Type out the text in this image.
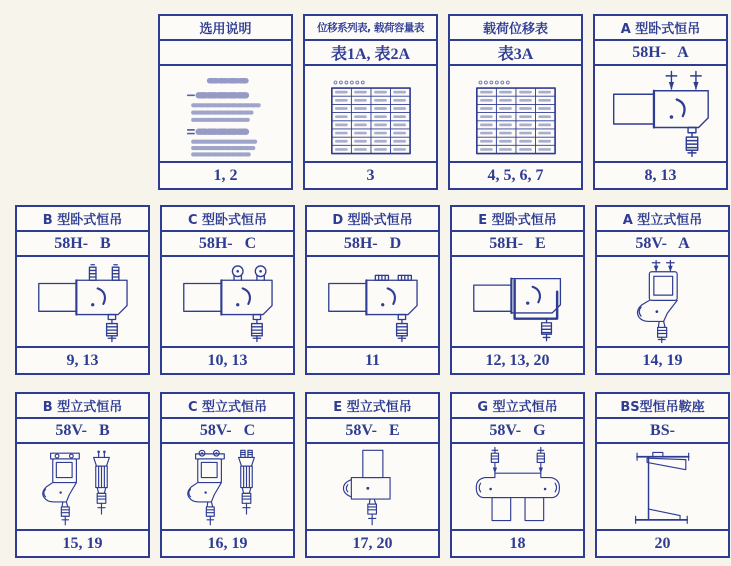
选用说明
1, 2
位移系列表, 载荷容量表
表1A, 表2A
3
载荷位移表
表3A
4, 5, 6, 7
A 型卧式恒吊
58H-   A
8, 13
B 型卧式恒吊
58H-   B
9, 13
C 型卧式恒吊
58H-   C
10, 13
D 型卧式恒吊
58H-   D
11
E 型卧式恒吊
58H-   E
12, 13, 20
A 型立式恒吊
58V-   A
14, 19
B 型立式恒吊
58V-   B
15, 19
C 型立式恒吊
58V-   C
16, 19
E 型立式恒吊
58V-   E
17, 20
G 型立式恒吊
58V-   G
18
BS型恒吊鞍座
BS-
20
